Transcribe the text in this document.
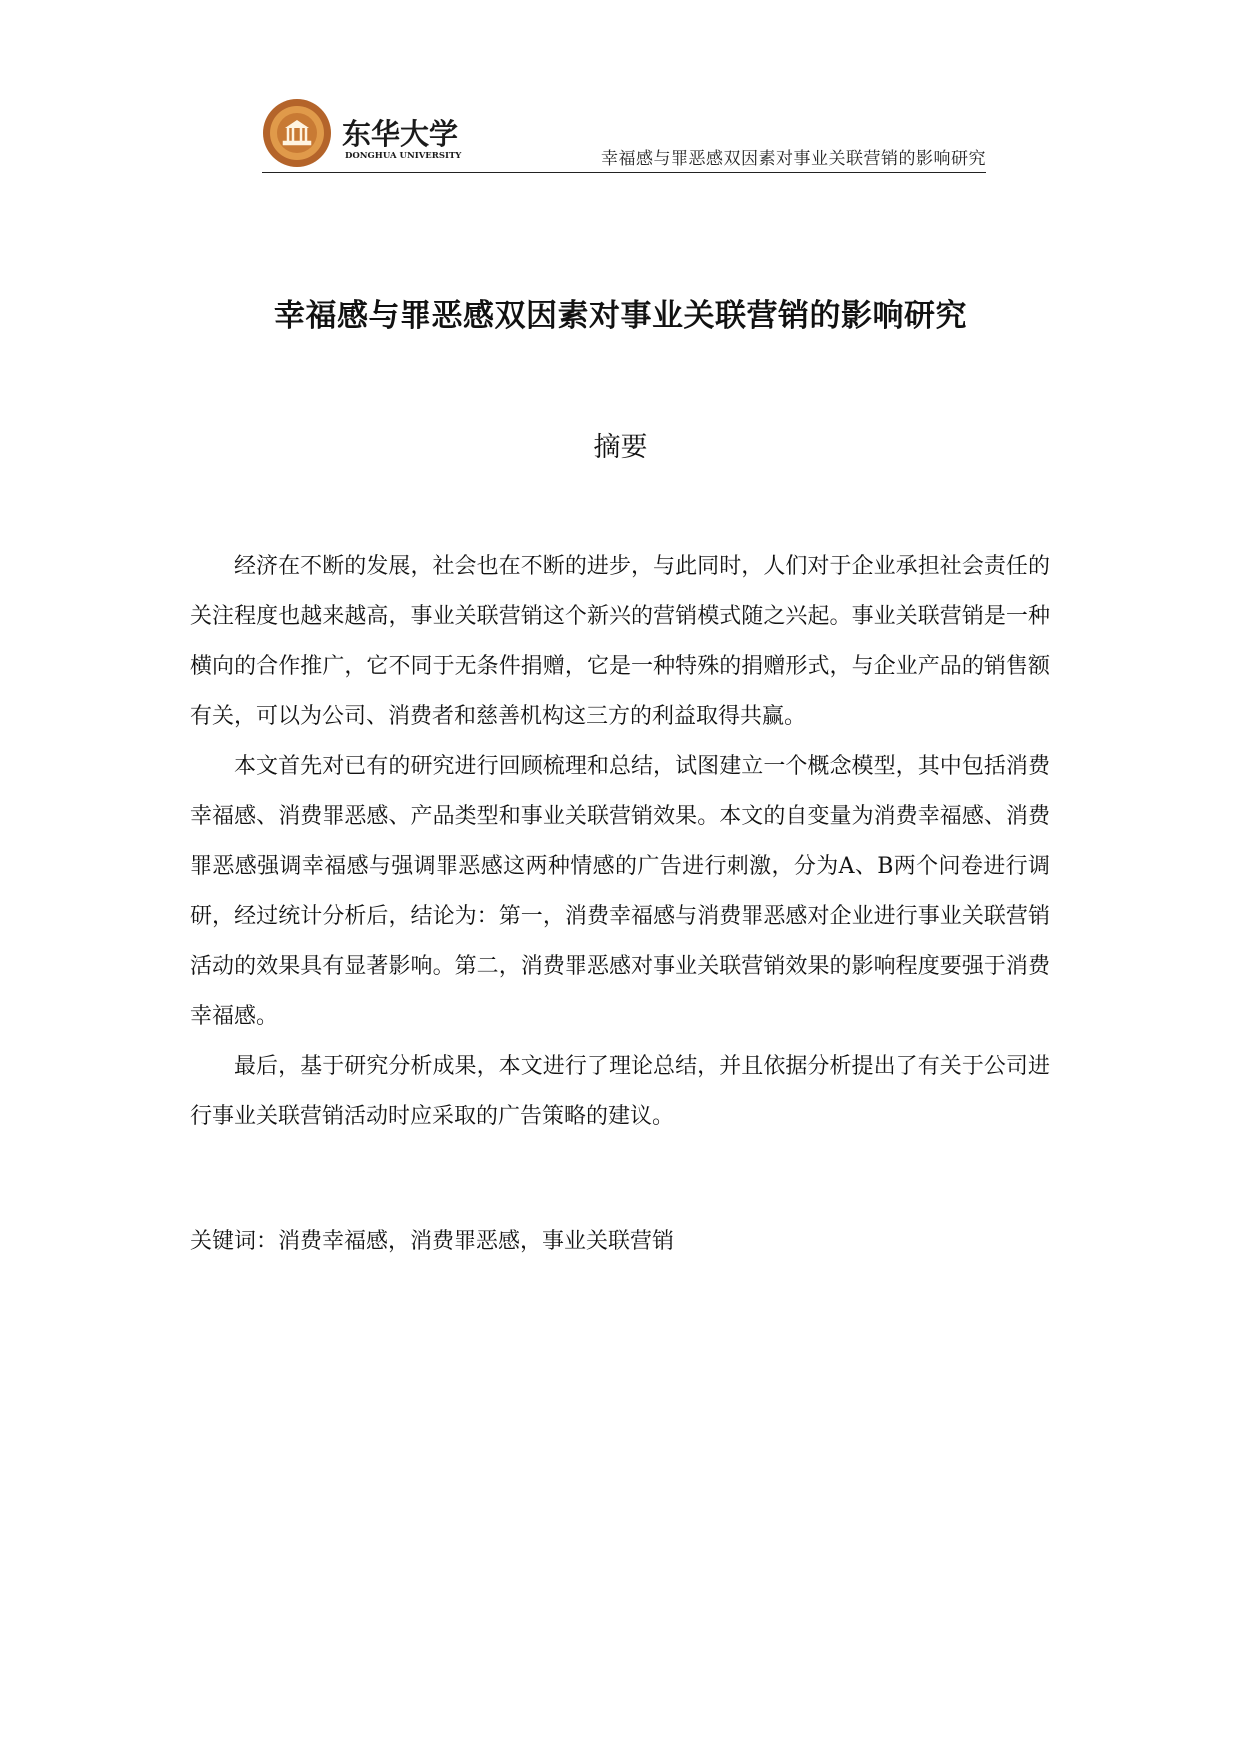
东华大学
DONGHUA UNIVERSITY	幸福感与罪恶感双因素对事业关联营销的影响研究
幸福感与罪恶感双因素对事业关联营销的影响研究
摘要

经济在不断的发展，社会也在不断的进步，与此同时，人们对于企业承担社会责任的关注程度也越来越高，事业关联营销这个新兴的营销模式随之兴起。事业关联营销是一种横向的合作推广，它不同于无条件捐赠，它是一种特殊的捐赠形式，与企业产品的销售额有关，可以为公司、消费者和慈善机构这三方的利益取得共赢。

本文首先对已有的研究进行回顾梳理和总结，试图建立一个概念模型，其中包括消费幸福感、消费罪恶感、产品类型和事业关联营销效果。本文的自变量为消费幸福感、消费罪恶感强调幸福感与强调罪恶感这两种情感的广告进行刺激，分为A、B两个问卷进行调研，经过统计分析后，结论为：第一，消费幸福感与消费罪恶感对企业进行事业关联营销活动的效果具有显著影响。第二，消费罪恶感对事业关联营销效果的影响程度要强于消费幸福感。

最后，基于研究分析成果，本文进行了理论总结，并且依据分析提出了有关于公司进行事业关联营销活动时应采取的广告策略的建议。

关键词：消费幸福感，消费罪恶感，事业关联营销
